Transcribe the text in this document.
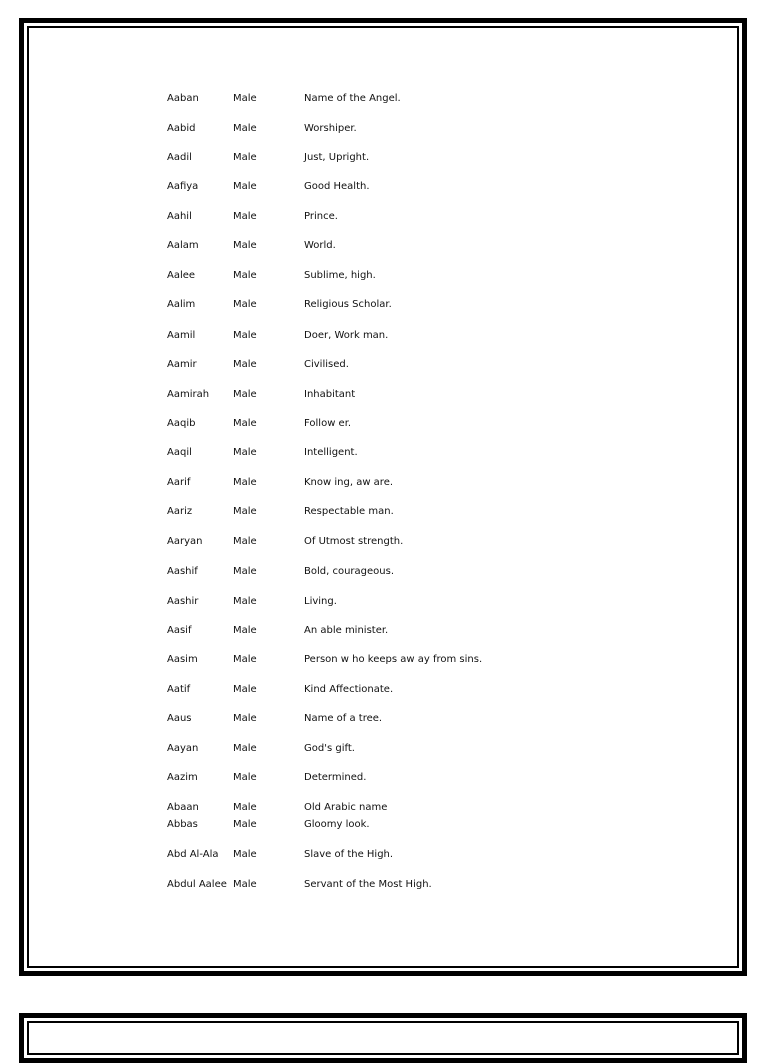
Aaban	Male	Name of the Angel.
Aabid	Male	Worshiper.
Aadil	Male	Just, Upright.
Aafiya	Male	Good Health.
Aahil	Male	Prince.
Aalam	Male	World.
Aalee	Male	Sublime, high.
Aalim	Male	Religious Scholar.
Aamil	Male	Doer, Work man.
Aamir	Male	Civilised.
Aamirah Male	Inhabitant
Aaqib	Male	Follow er.
Aaqil	Male	Intelligent.
Aarif	Male	Know ing, aw are.
Aariz	Male	Respectable man.
Aaryan	Male	Of Utmost strength.
Aashif	Male	Bold, courageous.
Aashir	Male	Living.
Aasif	Male	An able minister.
Aasim	Male	Person w ho keeps aw ay from sins.
Aatif	Male	Kind Affectionate.
Aaus	Male	Name of a tree.
Aayan	Male	God's gift.
Aazim	Male	Determined.
Abaan	Male	Old Arabic name
Abbas	Male	Gloomy look.
Abd Al-Ala Male	Slave of the High.
Abdul Aalee Male	Servant of the Most High.
